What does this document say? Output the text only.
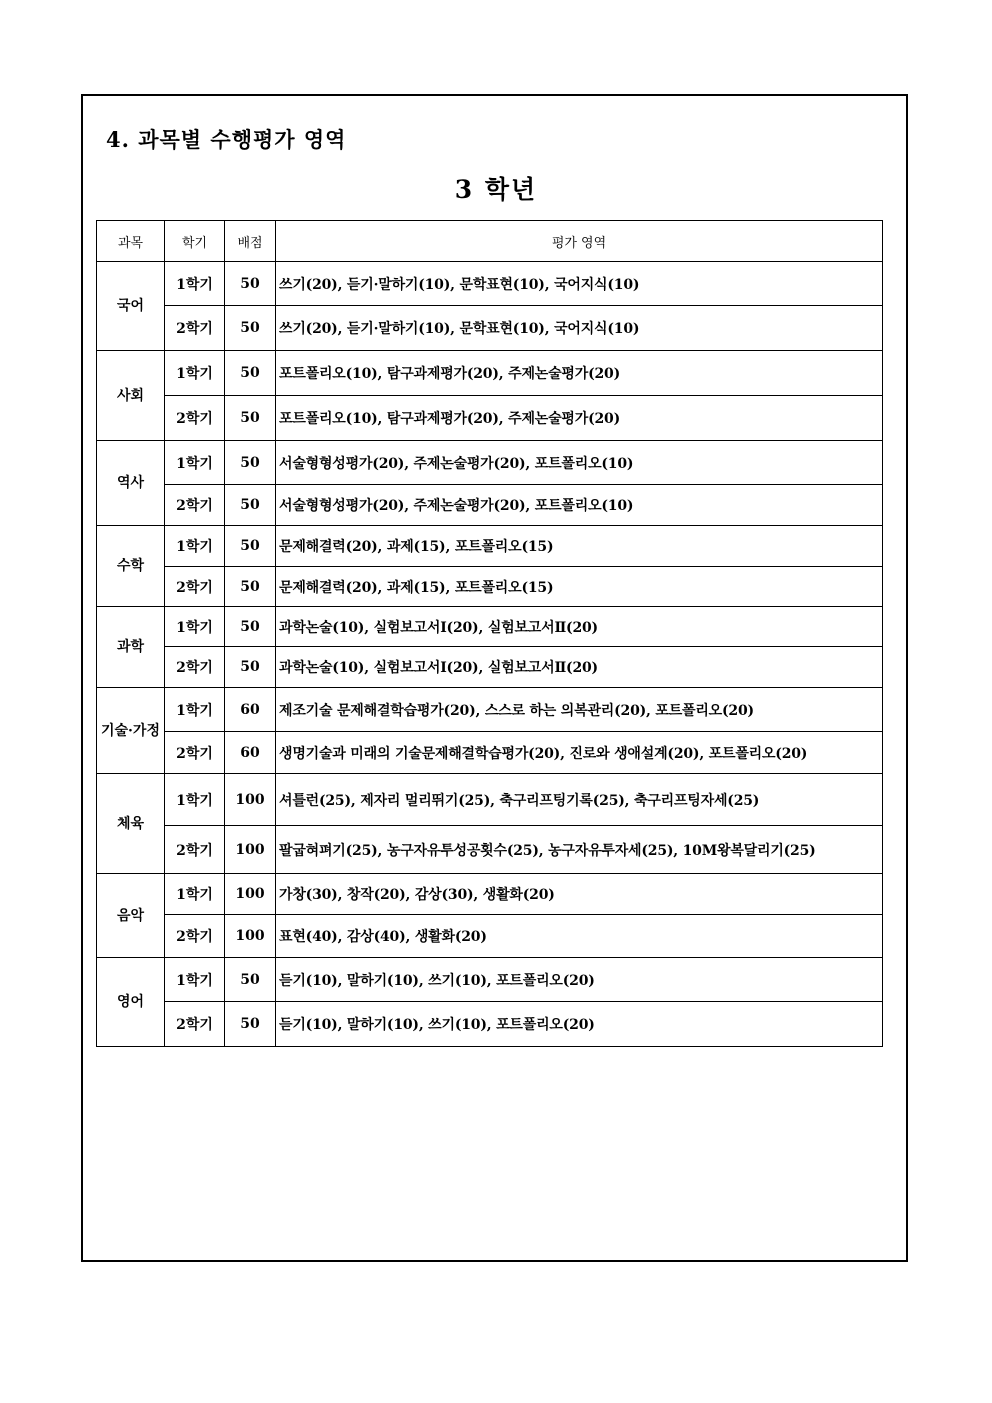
4. 과목별 수행평가 영역
3 학년
과목	학기	배점	평가 영역
국어	1학기	50	쓰기(20), 듣기·말하기(10), 문학표현(10), 국어지식(10)
	2학기	50	쓰기(20), 듣기·말하기(10), 문학표현(10), 국어지식(10)
사회	1학기	50	포트폴리오(10), 탐구과제평가(20), 주제논술평가(20)
	2학기	50	포트폴리오(10), 탐구과제평가(20), 주제논술평가(20)
역사	1학기	50	서술형형성평가(20), 주제논술평가(20), 포트폴리오(10)
	2학기	50	서술형형성평가(20), 주제논술평가(20), 포트폴리오(10)
수학	1학기	50	문제해결력(20), 과제(15), 포트폴리오(15)
	2학기	50	문제해결력(20), 과제(15), 포트폴리오(15)
과학	1학기	50	과학논술(10), 실험보고서Ⅰ(20), 실험보고서Ⅱ(20)
	2학기	50	과학논술(10), 실험보고서Ⅰ(20), 실험보고서Ⅱ(20)
기술·가정	1학기	60	제조기술 문제해결학습평가(20), 스스로 하는 의복관리(20), 포트폴리오(20)
	2학기	60	생명기술과 미래의 기술문제해결학습평가(20), 진로와 생애설계(20), 포트폴리오(20)
체육	1학기	100	셔틀런(25), 제자리 멀리뛰기(25), 축구리프팅기록(25), 축구리프팅자세(25)
	2학기	100	팔굽혀펴기(25), 농구자유투성공횟수(25), 농구자유투자세(25), 10M왕복달리기(25)
음악	1학기	100	가창(30), 창작(20), 감상(30), 생활화(20)
	2학기	100	표현(40), 감상(40), 생활화(20)
영어	1학기	50	듣기(10), 말하기(10), 쓰기(10), 포트폴리오(20)
	2학기	50	듣기(10), 말하기(10), 쓰기(10), 포트폴리오(20)
